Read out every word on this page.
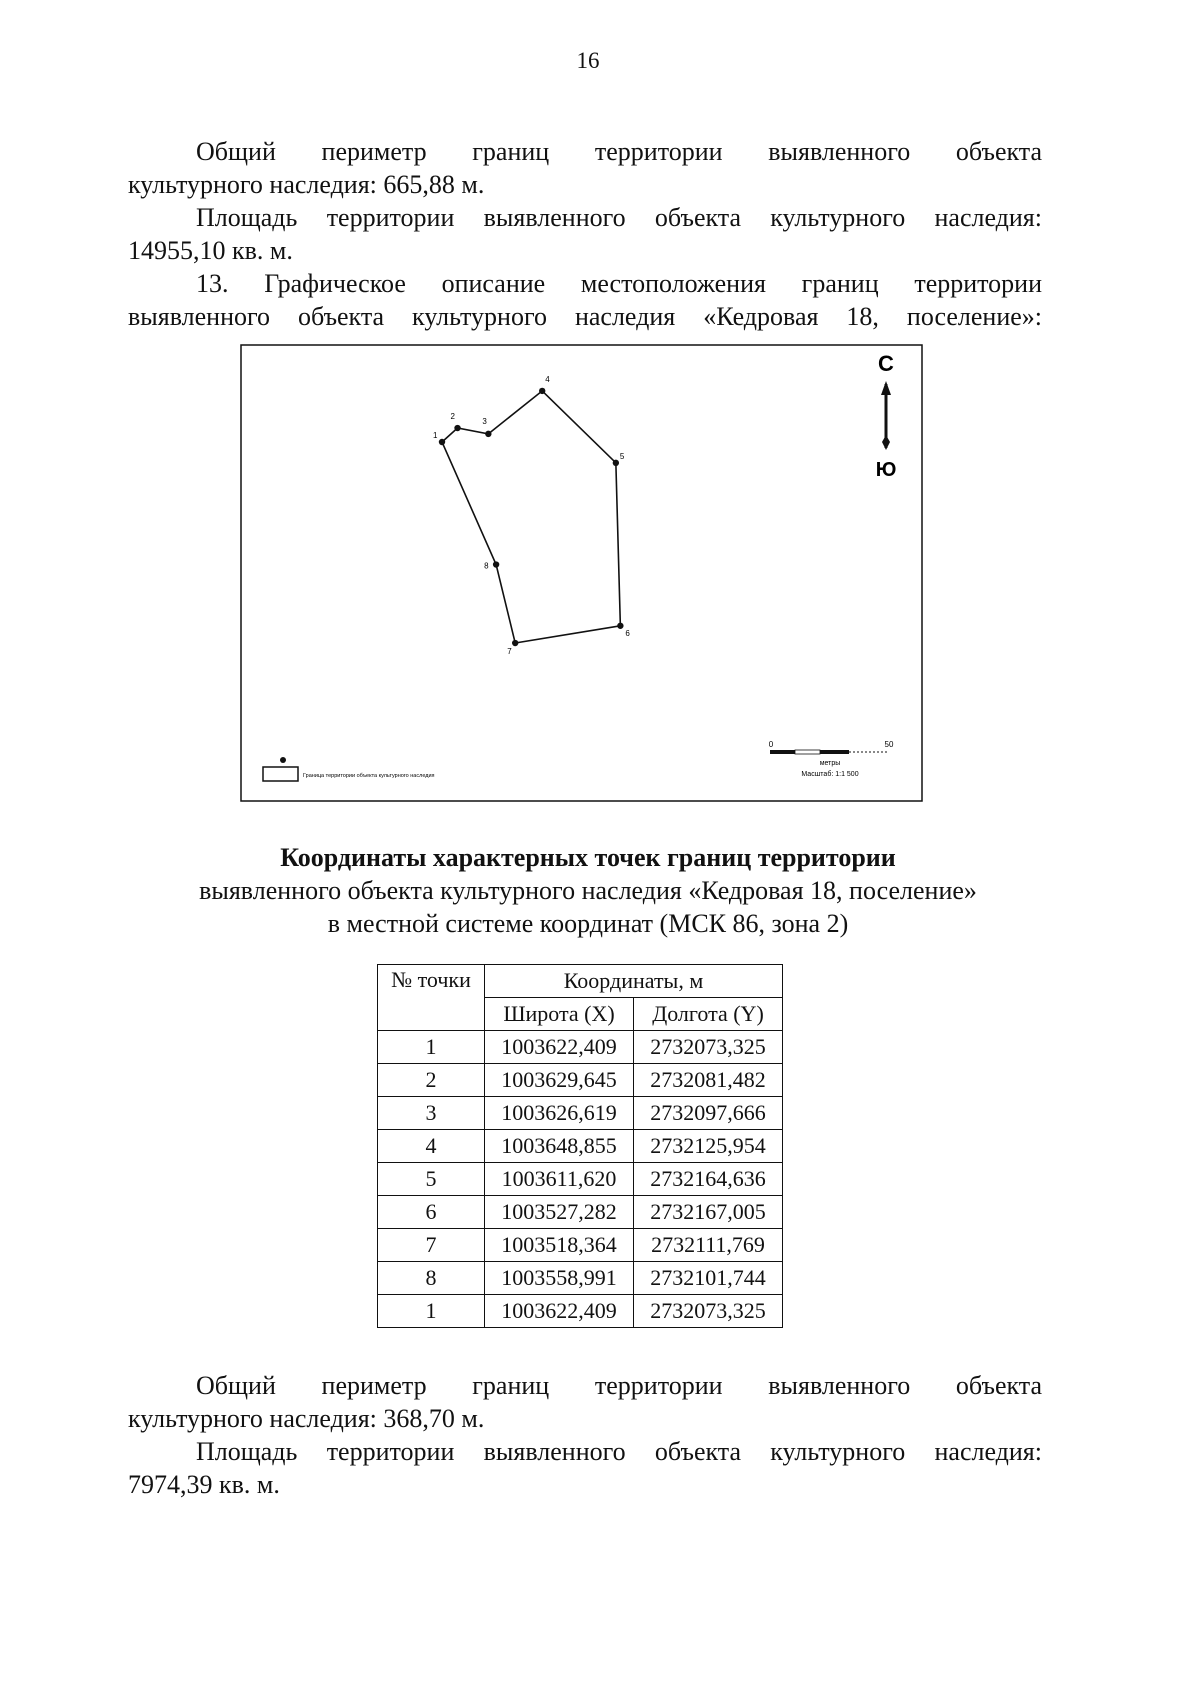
16
Общий периметр границ территории выявленного объекта
культурного наследия: 665,88 м.
Площадь территории выявленного объекта культурного наследия:
14955,10 кв. м.
13. Графическое описание местоположения границ территории
выявленного объекта культурного наследия «Кедровая 18, поселение»:
1
2
3
4
5
6
7
8
С
Ю
0	50
метры
Масштаб: 1:1 500
Граница территории объекта культурного наследия
Координаты характерных точек границ территории
выявленного объекта культурного наследия «Кедровая 18, поселение»
в местной системе координат (МСК 86, зона 2)
№ точки	Координаты, м	
	Широта (X)	Долгота (Y)
1	1003622,409	2732073,325
2	1003629,645	2732081,482
3	1003626,619	2732097,666
4	1003648,855	2732125,954
5	1003611,620	2732164,636
6	1003527,282	2732167,005
7	1003518,364	2732111,769
8	1003558,991	2732101,744
1	1003622,409	2732073,325
Общий периметр границ территории выявленного объекта
культурного наследия: 368,70 м.
Площадь территории выявленного объекта культурного наследия:
7974,39 кв. м.
